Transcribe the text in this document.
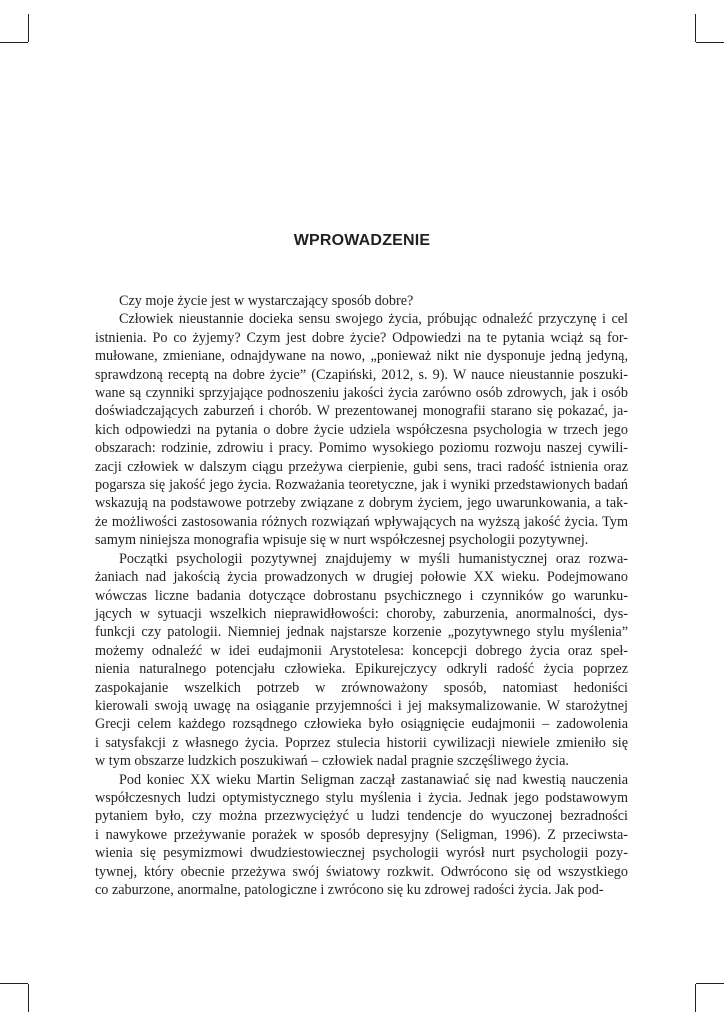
WPROWADZENIE
Czy moje życie jest w wystarczający sposób dobre?
Człowiek nieustannie docieka sensu swojego życia, próbując odnaleźć przyczynę i cel
istnienia. Po co żyjemy? Czym jest dobre życie? Odpowiedzi na te pytania wciąż są for-
mułowane, zmieniane, odnajdywane na nowo, „ponieważ nikt nie dysponuje jedną jedyną,
sprawdzoną receptą na dobre życie” (Czapiński, 2012, s. 9). W nauce nieustannie poszuki-
wane są czynniki sprzyjające podnoszeniu jakości życia zarówno osób zdrowych, jak i osób
doświadczających zaburzeń i chorób. W prezentowanej monografii starano się pokazać, ja-
kich odpowiedzi na pytania o dobre życie udziela współczesna psychologia w trzech jego
obszarach: rodzinie, zdrowiu i pracy. Pomimo wysokiego poziomu rozwoju naszej cywili-
zacji człowiek w dalszym ciągu przeżywa cierpienie, gubi sens, traci radość istnienia oraz
pogarsza się jakość jego życia. Rozważania teoretyczne, jak i wyniki przedstawionych badań
wskazują na podstawowe potrzeby związane z dobrym życiem, jego uwarunkowania, a tak-
że możliwości zastosowania różnych rozwiązań wpływających na wyższą jakość życia. Tym
samym niniejsza monografia wpisuje się w nurt współczesnej psychologii pozytywnej.
Początki psychologii pozytywnej znajdujemy w myśli humanistycznej oraz rozwa-
żaniach nad jakością życia prowadzonych w drugiej połowie XX wieku. Podejmowano
wówczas liczne badania dotyczące dobrostanu psychicznego i czynników go warunku-
jących w sytuacji wszelkich nieprawidłowości: choroby, zaburzenia, anormalności, dys-
funkcji czy patologii. Niemniej jednak najstarsze korzenie „pozytywnego stylu myślenia”
możemy odnaleźć w idei eudajmonii Arystotelesa: koncepcji dobrego życia oraz speł-
nienia naturalnego potencjału człowieka. Epikurejczycy odkryli radość życia poprzez
zaspokajanie wszelkich potrzeb w zrównoważony sposób, natomiast hedoniści
kierowali swoją uwagę na osiąganie przyjemności i jej maksymalizowanie. W starożytnej
Grecji celem każdego rozsądnego człowieka było osiągnięcie eudajmonii – zadowolenia
i satysfakcji z własnego życia. Poprzez stulecia historii cywilizacji niewiele zmieniło się
w tym obszarze ludzkich poszukiwań – człowiek nadal pragnie szczęśliwego życia.
Pod koniec XX wieku Martin Seligman zaczął zastanawiać się nad kwestią nauczenia
współczesnych ludzi optymistycznego stylu myślenia i życia. Jednak jego podstawowym
pytaniem było, czy można przezwyciężyć u ludzi tendencje do wyuczonej bezradności
i nawykowe przeżywanie porażek w sposób depresyjny (Seligman, 1996). Z przeciwsta-
wienia się pesymizmowi dwudziestowiecznej psychologii wyrósł nurt psychologii pozy-
tywnej, który obecnie przeżywa swój światowy rozkwit. Odwrócono się od wszystkiego
co zaburzone, anormalne, patologiczne i zwrócono się ku zdrowej radości życia. Jak pod-
